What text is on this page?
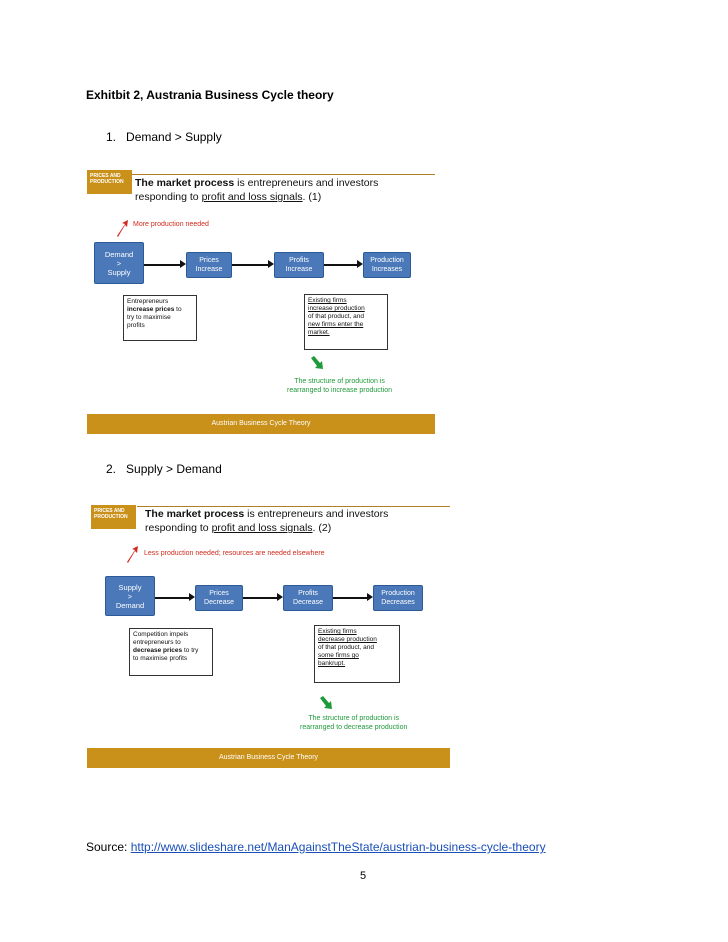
Exhitbit 2, Austrania Business Cycle theory
1. Demand > Supply
PRICES AND PRODUCTION	The market process is entrepreneurs and investors
responding to profit and loss signals. (1)
More production needed
Demand
>
Supply
Prices
Increase
Profits
Increase
Production
Increases
Entrepreneurs
increase prices to
try to maximise
profits
Existing firms
increase production
of that product, and
new firms enter the
market.
The structure of production is
rearranged to increase production
Austrian Business Cycle Theory
2. Supply > Demand
PRICES AND PRODUCTION	The market process is entrepreneurs and investors
responding to profit and loss signals. (2)
Less production needed; resources are needed elsewhere
Supply
>
Demand
Prices
Decrease
Profits
Decrease
Production
Decreases
Competition impels
entrepreneurs to
decrease prices to try
to maximise profits
Existing firms
decrease production
of that product, and
some firms go
bankrupt.
The structure of production is
rearranged to decrease production
Austrian Business Cycle Theory
Source: http://www.slideshare.net/ManAgainstTheState/austrian-business-cycle-theory
5
